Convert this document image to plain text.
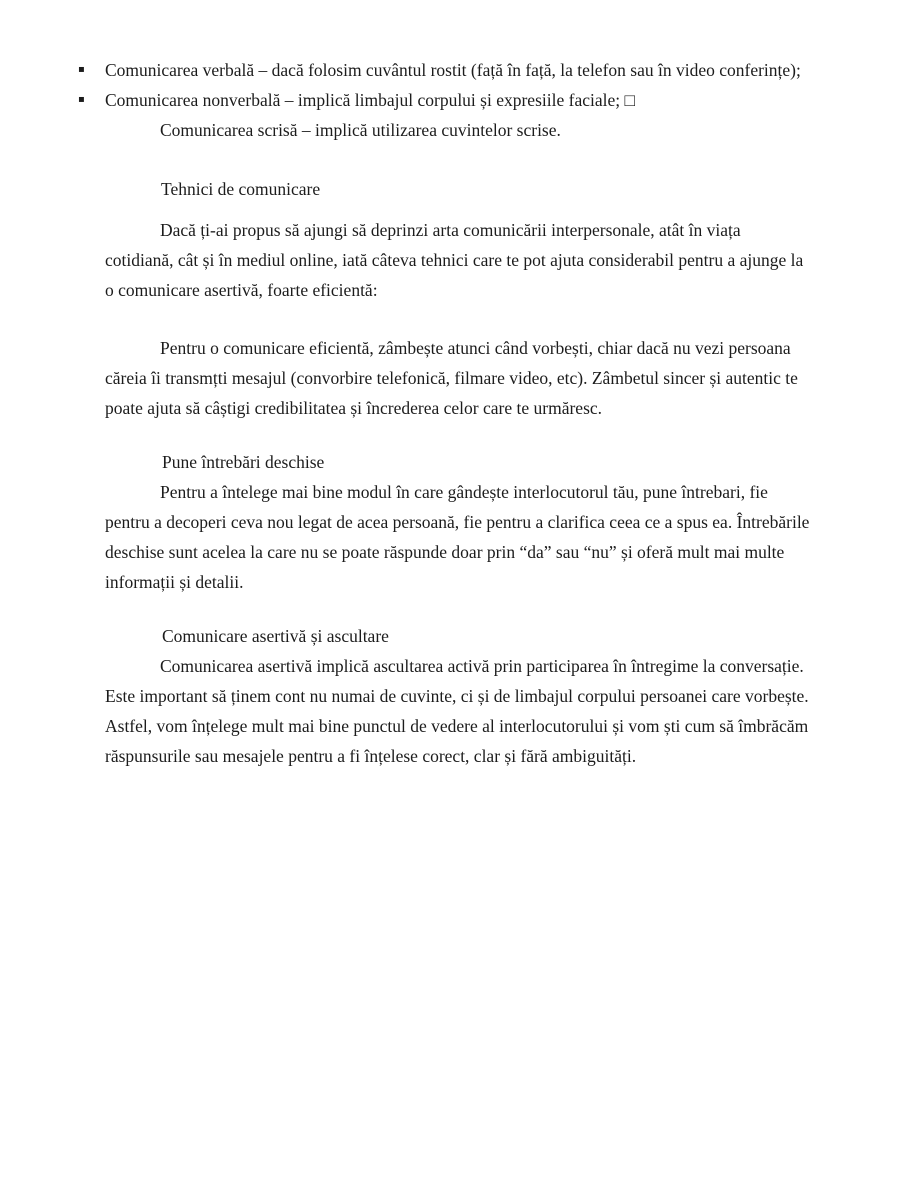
▪	Comunicarea verbală – dacă folosim cuvântul rostit (față în față, la telefon sau în video conferințe);
▪	Comunicarea nonverbală – implică limbajul corpului și expresiile faciale; □

Comunicarea scrisă – implică utilizarea cuvintelor scrise.

Tehnici de comunicare

Dacă ți-ai propus să ajungi să deprinzi arta comunicării interpersonale, atât în viața cotidiană, cât și în mediul online, iată câteva tehnici care te pot ajuta considerabil pentru a ajunge la o comunicare asertivă, foarte eficientă:

Pentru o comunicare eficientă, zâmbește atunci când vorbești, chiar dacă nu vezi persoana căreia îi transmțti mesajul (convorbire telefonică, filmare video, etc). Zâmbetul sincer și autentic te poate ajuta să câștigi credibilitatea și încrederea celor care te urmăresc.

Pune întrebări deschise

Pentru a întelege mai bine modul în care gândește interlocutorul tău, pune întrebari, fie pentru a decoperi ceva nou legat de acea persoană, fie pentru a clarifica ceea ce a spus ea. Întrebările deschise sunt acelea la care nu se poate răspunde doar prin “da” sau “nu” și oferă mult mai multe informații și detalii.

Comunicare asertivă și ascultare

Comunicarea asertivă implică ascultarea activă prin participarea în întregime la conversație. Este important să ținem cont nu numai de cuvinte, ci și de limbajul corpului persoanei care vorbește. Astfel, vom înțelege mult mai bine punctul de vedere al interlocutorului și vom ști cum să îmbrăcăm răspunsurile sau mesajele pentru a fi înțelese corect, clar și fără ambiguități.
